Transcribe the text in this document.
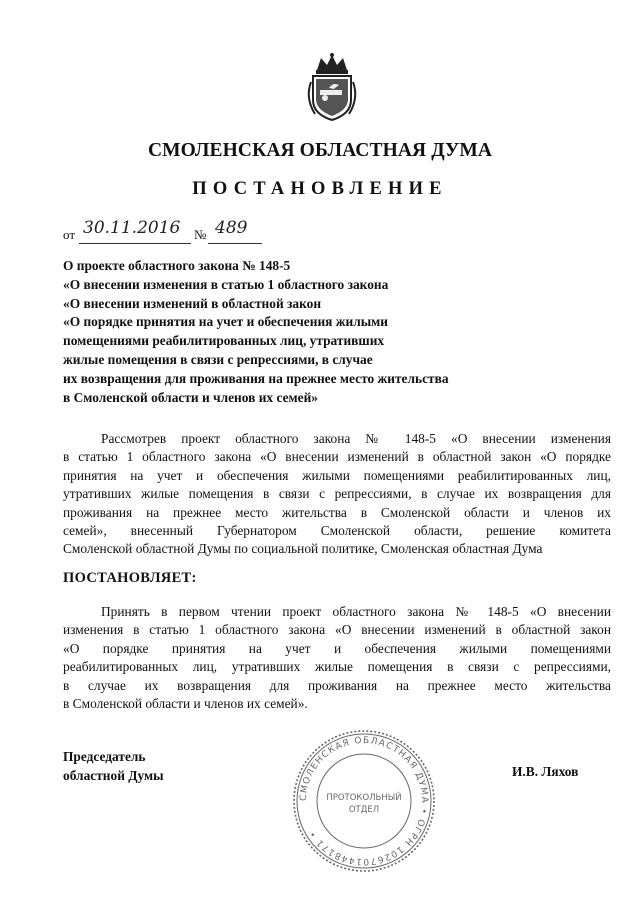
СМОЛЕНСКАЯ ОБЛАСТНАЯ ДУМА
ПОСТАНОВЛЕНИЕ
от 30.11.2016 № 489
О проекте областного закона № 148-5
«О внесении изменения в статью 1 областного закона
«О внесении изменений в областной закон
«О порядке принятия на учет и обеспечения жилыми
помещениями реабилитированных лиц, утративших
жилые помещения в связи с репрессиями, в случае
их возвращения для проживания на прежнее место жительства
в Смоленской области и членов их семей»
Рассмотрев проект областного закона № 148-5 «О внесении изменения
в статью 1 областного закона «О внесении изменений в областной закон «О порядке
принятия на учет и обеспечения жилыми помещениями реабилитированных лиц,
утративших жилые помещения в связи с репрессиями, в случае их возвращения для
проживания на прежнее место жительства в Смоленской области и членов их
семей», внесенный Губернатором Смоленской области, решение комитета
Смоленской областной Думы по социальной политике, Смоленская областная Дума
ПОСТАНОВЛЯЕТ:
Принять в первом чтении проект областного закона № 148-5 «О внесении
изменения в статью 1 областного закона «О внесении изменений в областной закон
«О порядке принятия на учет и обеспечения жилыми помещениями
реабилитированных лиц, утративших жилые помещения в связи с репрессиями,
в случае их возвращения для проживания на прежнее место жительства
в Смоленской области и членов их семей».
Председатель
областной Думы	И.В. Ляхов
СМОЛЕНСКАЯ ОБЛАСТНАЯ ДУМА • ОГРН 1026701448171 •
ПРОТОКОЛЬНЫЙ
ОТДЕЛ
